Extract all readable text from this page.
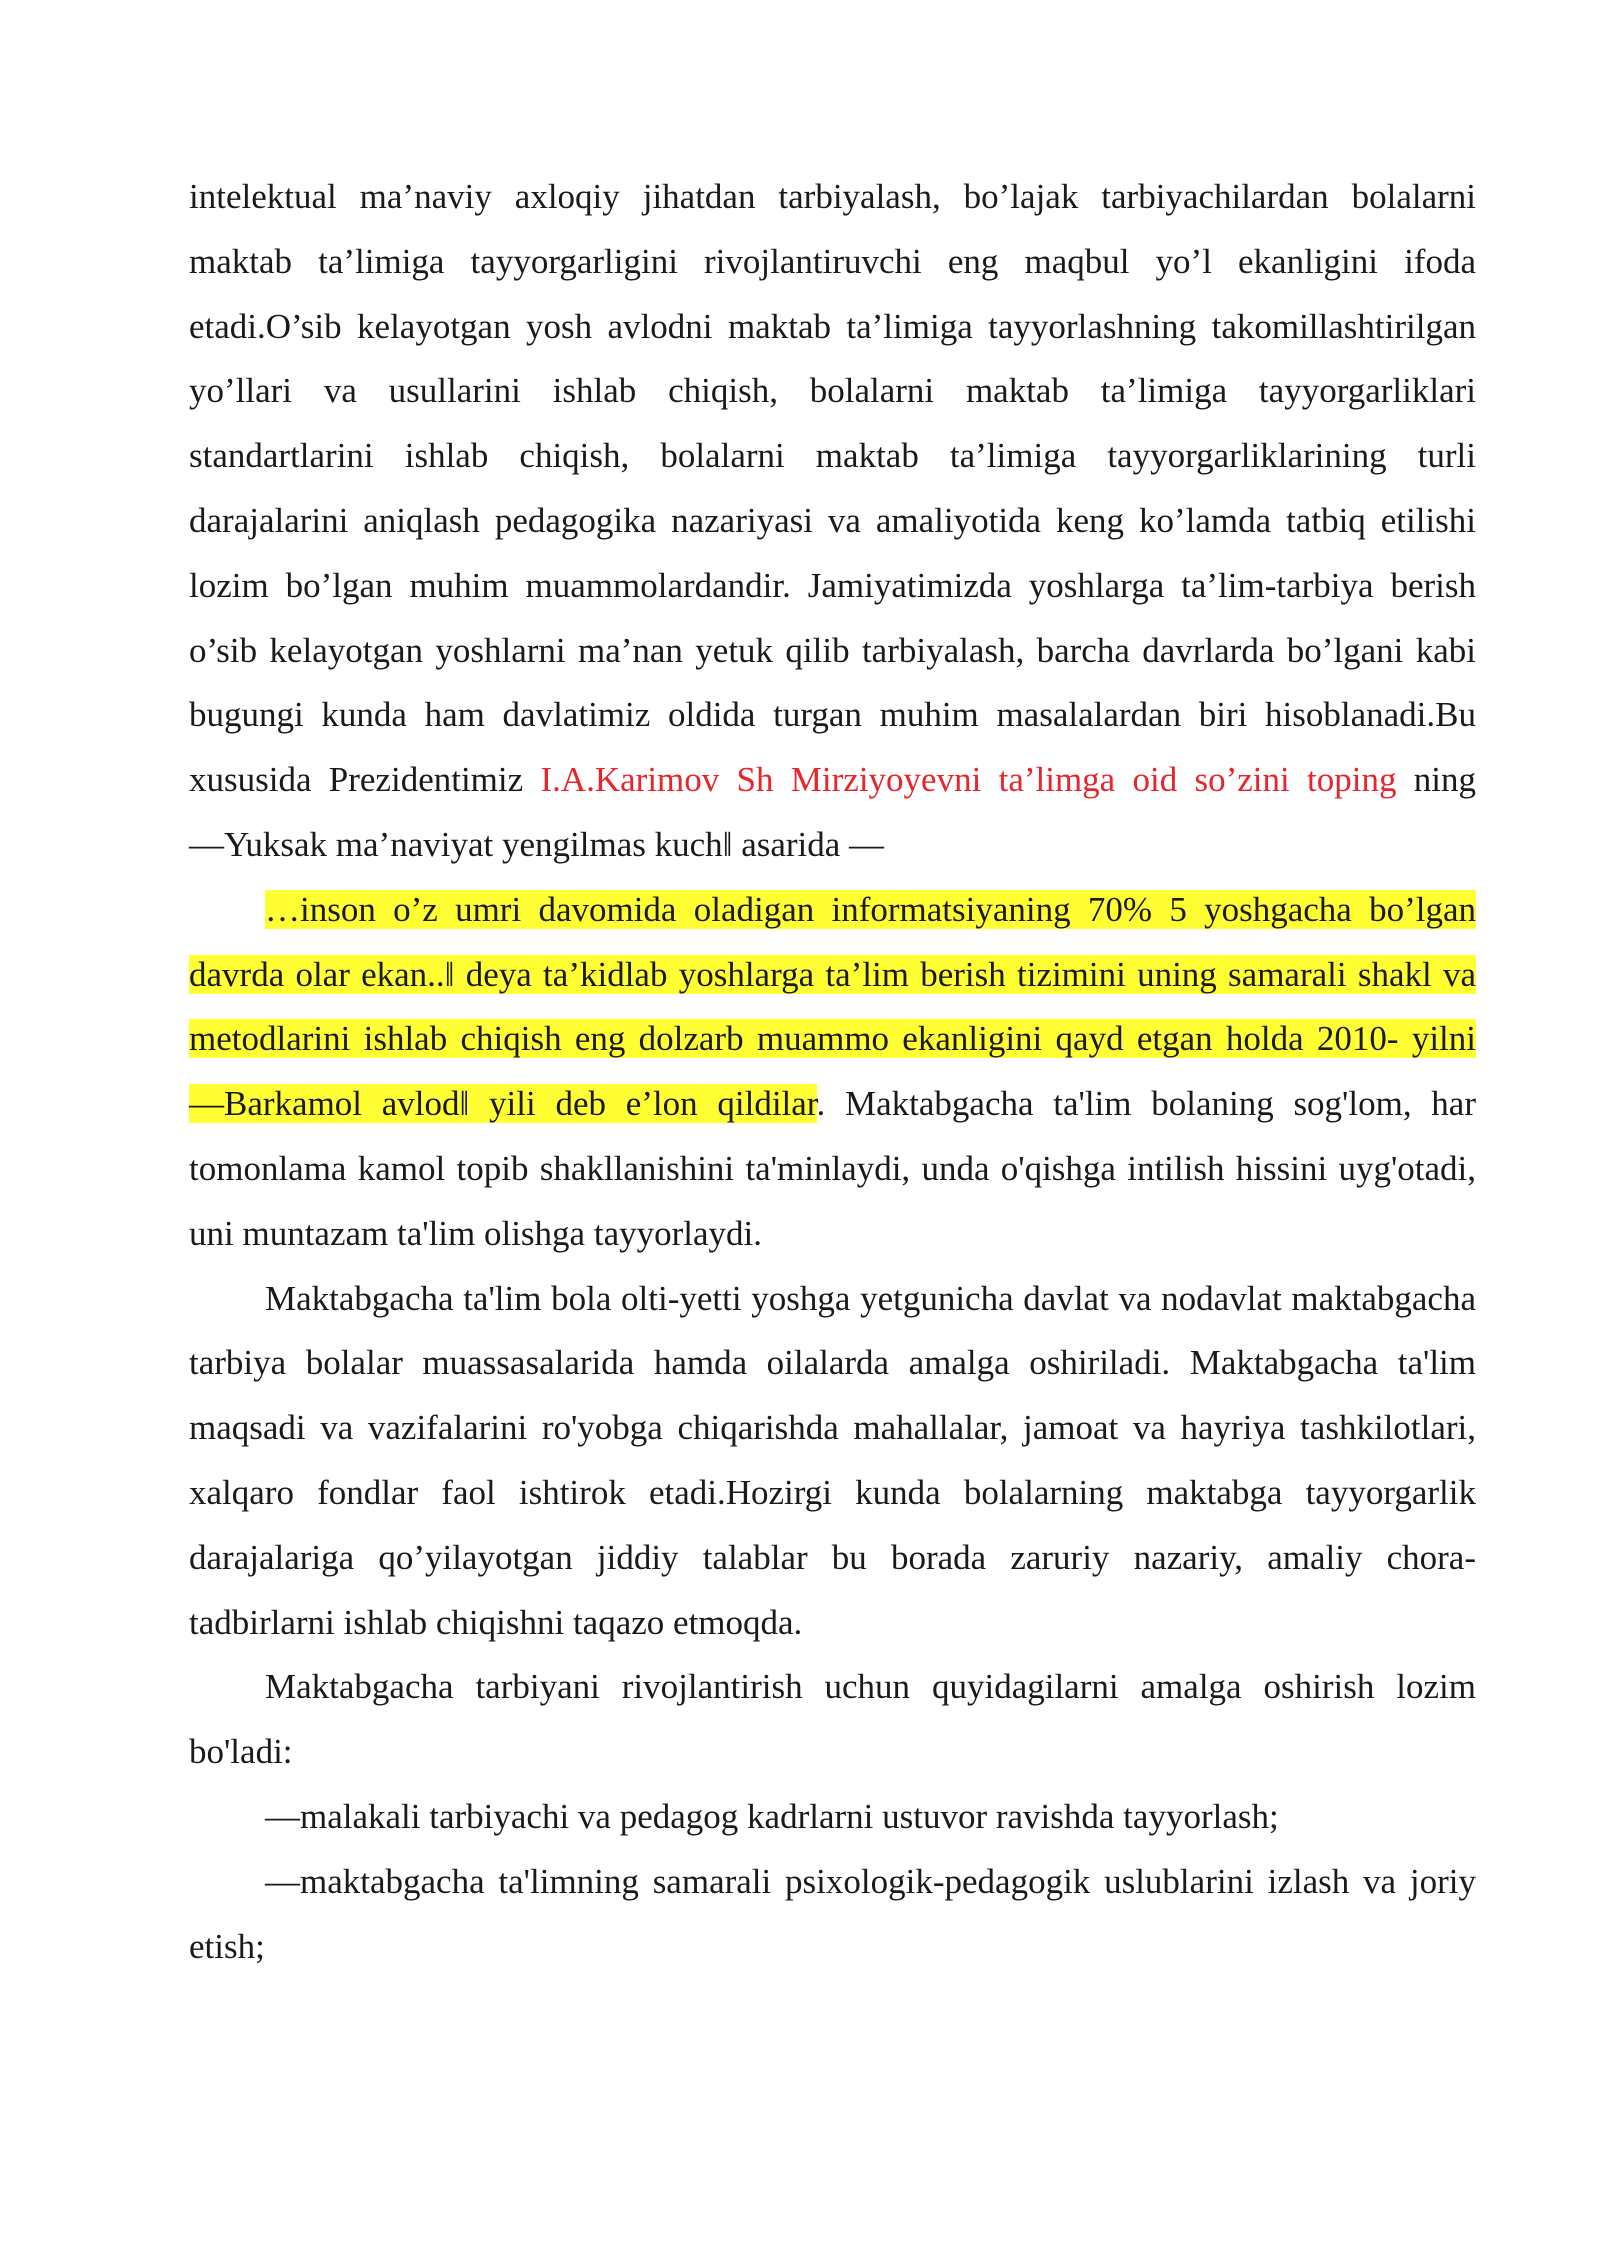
intelektual ma’naviy axloqiy jihatdan tarbiyalash, bo’lajak tarbiyachilardan bolalarni maktab ta’limiga tayyorgarligini rivojlantiruvchi eng maqbul yo’l ekanligini ifoda etadi.O’sib kelayotgan yosh avlodni maktab ta’limiga tayyorlashning takomillashtirilgan yo’llari va usullarini ishlab chiqish, bolalarni maktab ta’limiga tayyorgarliklari standartlarini ishlab chiqish, bolalarni maktab ta’limiga tayyorgarliklarining turli darajalarini aniqlash pedagogika nazariyasi va amaliyotida keng ko’lamda tatbiq etilishi lozim bo’lgan muhim muammolardandir. Jamiyatimizda yoshlarga ta’lim-tarbiya berish o’sib kelayotgan yoshlarni ma’nan yetuk qilib tarbiyalash, barcha davrlarda bo’lgani kabi bugungi kunda ham davlatimiz oldida turgan muhim masalalardan biri hisoblanadi.Bu xususida Prezidentimiz I.A.Karimov Sh Mirziyoyevni ta’limga oid so’zini toping ning ―Yuksak ma’naviyat yengilmas kuch‖ asarida ―

…inson o’z umri davomida oladigan informatsiyaning 70% 5 yoshgacha bo’lgan davrda olar ekan..‖ deya ta’kidlab yoshlarga ta’lim berish tizimini uning samarali shakl va metodlarini ishlab chiqish eng dolzarb muammo ekanligini qayd etgan holda 2010- yilni ―Barkamol avlod‖ yili deb e’lon qildilar. Maktabgacha ta'lim bolaning sog'lom, har tomonlama kamol topib shakllanishini ta'minlaydi, unda o'qishga intilish hissini uyg'otadi, uni muntazam ta'lim olishga tayyorlaydi.

Maktabgacha ta'lim bola olti-yetti yoshga yetgunicha davlat va nodavlat maktabgacha tarbiya bolalar muassasalarida hamda oilalarda amalga oshiriladi. Maktabgacha ta'lim maqsadi va vazifalarini ro'yobga chiqarishda mahallalar, jamoat va hayriya tashkilotlari, xalqaro fondlar faol ishtirok etadi.Hozirgi kunda bolalarning maktabga tayyorgarlik darajalariga qo’yilayotgan jiddiy talablar bu borada zaruriy nazariy, amaliy chora-tadbirlarni ishlab chiqishni taqazo etmoqda.

Maktabgacha tarbiyani rivojlantirish uchun quyidagilarni amalga oshirish lozim bo'ladi:

―malakali tarbiyachi va pedagog kadrlarni ustuvor ravishda tayyorlash;

―maktabgacha ta'limning samarali psixologik-pedagogik uslublarini izlash va joriy etish;
